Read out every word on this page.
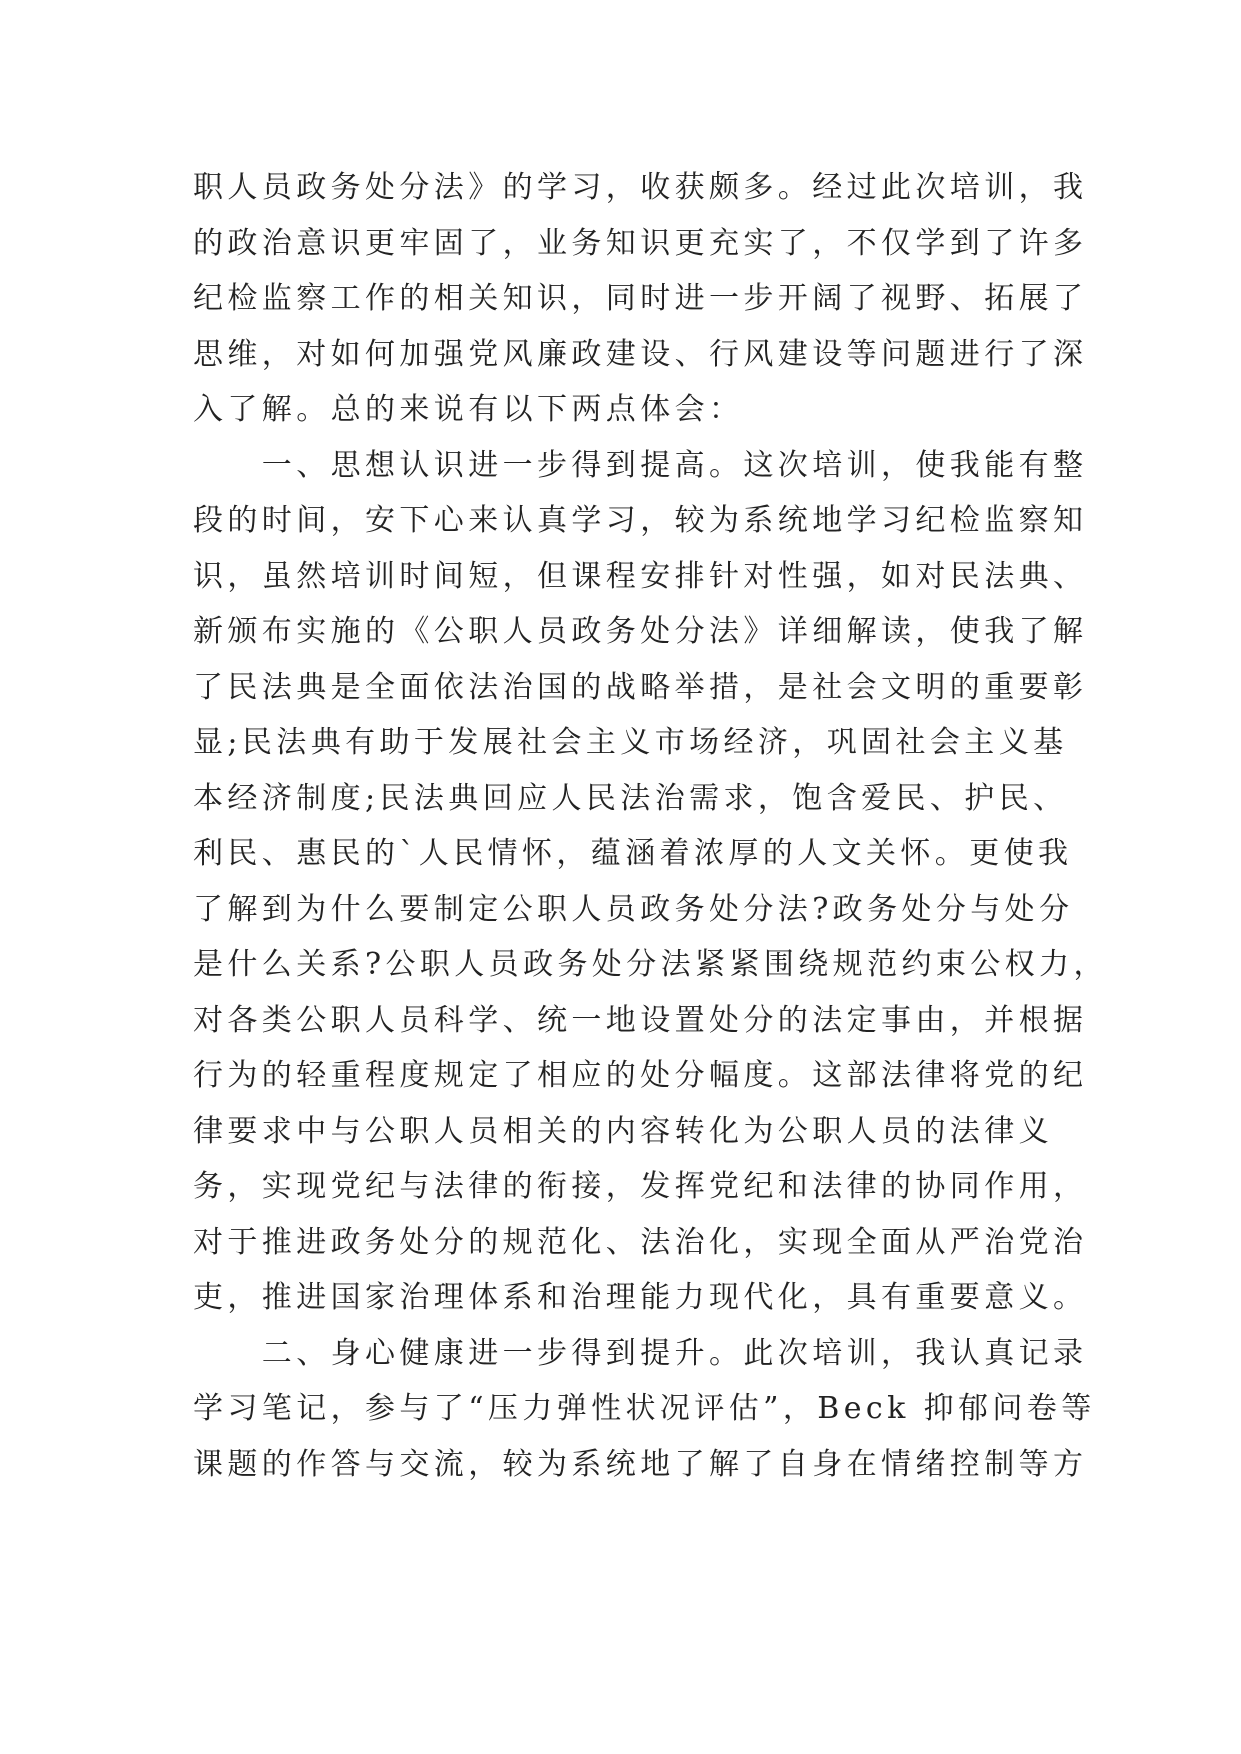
职人员政务处分法》的学习，收获颇多。经过此次培训，我
的政治意识更牢固了，业务知识更充实了，不仅学到了许多
纪检监察工作的相关知识，同时进一步开阔了视野、拓展了
思维，对如何加强党风廉政建设、行风建设等问题进行了深
入了解。总的来说有以下两点体会：
　　一、思想认识进一步得到提高。这次培训，使我能有整
段的时间，安下心来认真学习，较为系统地学习纪检监察知
识，虽然培训时间短，但课程安排针对性强，如对民法典、
新颁布实施的《公职人员政务处分法》详细解读，使我了解
了民法典是全面依法治国的战略举措，是社会文明的重要彰
显;民法典有助于发展社会主义市场经济，巩固社会主义基
本经济制度;民法典回应人民法治需求，饱含爱民、护民、
利民、惠民的`人民情怀，蕴涵着浓厚的人文关怀。更使我
了解到为什么要制定公职人员政务处分法?政务处分与处分
是什么关系?公职人员政务处分法紧紧围绕规范约束公权力，
对各类公职人员科学、统一地设置处分的法定事由，并根据
行为的轻重程度规定了相应的处分幅度。这部法律将党的纪
律要求中与公职人员相关的内容转化为公职人员的法律义
务，实现党纪与法律的衔接，发挥党纪和法律的协同作用，
对于推进政务处分的规范化、法治化，实现全面从严治党治
吏，推进国家治理体系和治理能力现代化，具有重要意义。
　　二、身心健康进一步得到提升。此次培训，我认真记录
学习笔记，参与了“压力弹性状况评估”，Beck 抑郁问卷等
课题的作答与交流，较为系统地了解了自身在情绪控制等方
